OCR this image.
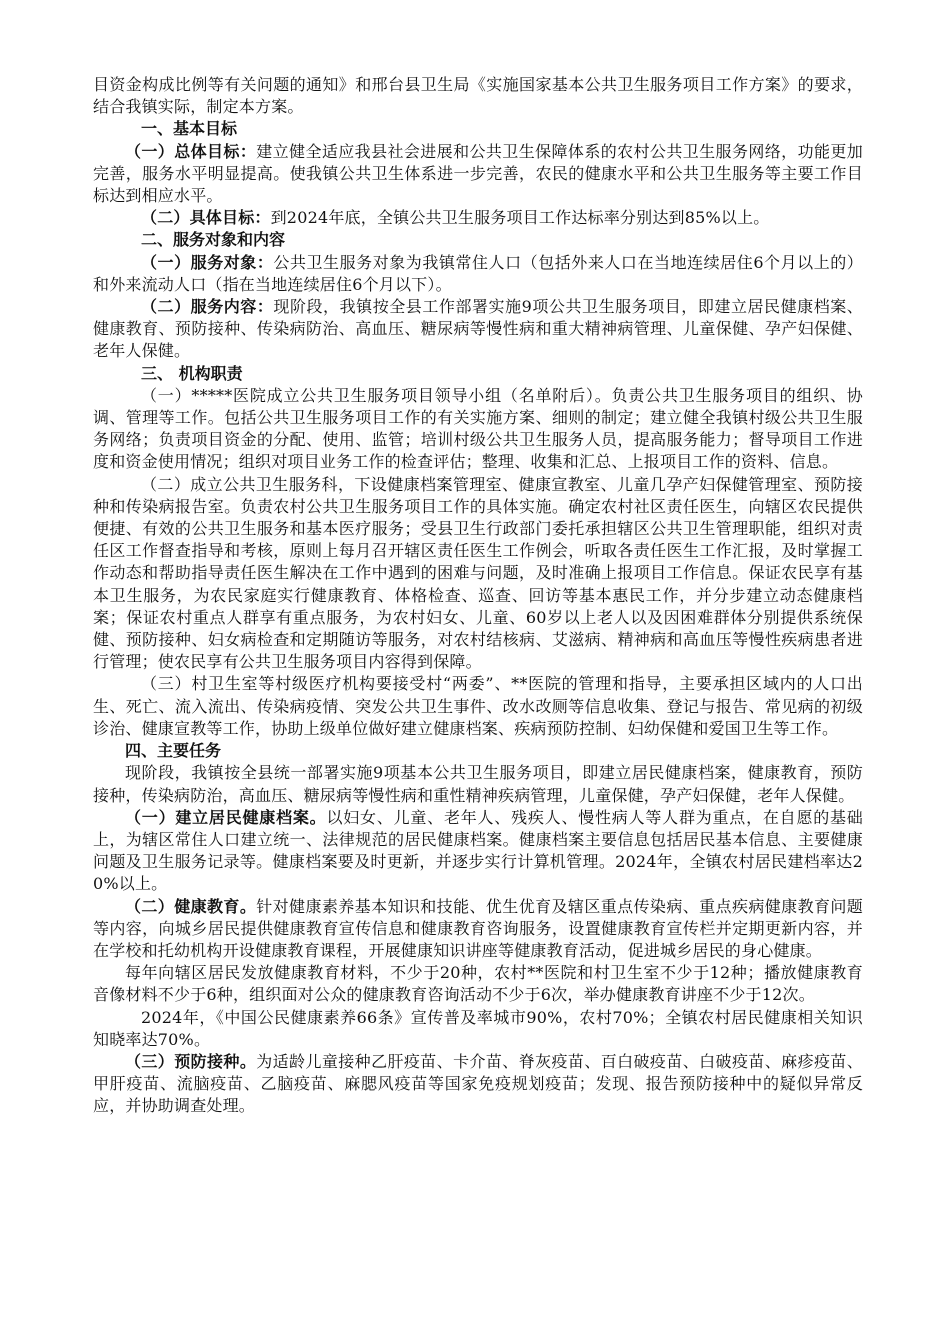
目资金构成比例等有关问题的通知》和邢台县卫生局《实施国家基本公共卫生服务项目工作方案》的要求，结合我镇实际，制定本方案。

一、基本目标

（一）总体目标：建立健全适应我县社会进展和公共卫生保障体系的农村公共卫生服务网络，功能更加完善，服务水平明显提高。使我镇公共卫生体系进一步完善，农民的健康水平和公共卫生服务等主要工作目标达到相应水平。

（二）具体目标：到2024年底，全镇公共卫生服务项目工作达标率分别达到85%以上。

二、服务对象和内容

（一）服务对象：公共卫生服务对象为我镇常住人口（包括外来人口在当地连续居住6个月以上的）和外来流动人口（指在当地连续居住6个月以下）。

（二）服务内容：现阶段，我镇按全县工作部署实施9项公共卫生服务项目，即建立居民健康档案、健康教育、预防接种、传染病防治、高血压、糖尿病等慢性病和重大精神病管理、儿童保健、孕产妇保健、老年人保健。

三、 机构职责

（一）*****医院成立公共卫生服务项目领导小组（名单附后）。负责公共卫生服务项目的组织、协调、管理等工作。包括公共卫生服务项目工作的有关实施方案、细则的制定；建立健全我镇村级公共卫生服务网络；负责项目资金的分配、使用、监管；培训村级公共卫生服务人员，提高服务能力；督导项目工作进度和资金使用情况；组织对项目业务工作的检查评估；整理、收集和汇总、上报项目工作的资料、信息。

（二）成立公共卫生服务科，下设健康档案管理室、健康宣教室、儿童几孕产妇保健管理室、预防接种和传染病报告室。负责农村公共卫生服务项目工作的具体实施。确定农村社区责任医生，向辖区农民提供便捷、有效的公共卫生服务和基本医疗服务；受县卫生行政部门委托承担辖区公共卫生管理职能，组织对责任区工作督查指导和考核，原则上每月召开辖区责任医生工作例会，听取各责任医生工作汇报，及时掌握工作动态和帮助指导责任医生解决在工作中遇到的困难与问题，及时准确上报项目工作信息。保证农民享有基本卫生服务，为农民家庭实行健康教育、体格检查、巡查、回访等基本惠民工作，并分步建立动态健康档案；保证农村重点人群享有重点服务，为农村妇女、儿童、60岁以上老人以及因困难群体分别提供系统保健、预防接种、妇女病检查和定期随访等服务，对农村结核病、艾滋病、精神病和高血压等慢性疾病患者进行管理；使农民享有公共卫生服务项目内容得到保障。

（三）村卫生室等村级医疗机构要接受村“两委”、**医院的管理和指导，主要承担区域内的人口出生、死亡、流入流出、传染病疫情、突发公共卫生事件、改水改厕等信息收集、登记与报告、常见病的初级诊治、健康宣教等工作，协助上级单位做好建立健康档案、疾病预防控制、妇幼保健和爱国卫生等工作。

四、主要任务

现阶段，我镇按全县统一部署实施9项基本公共卫生服务项目，即建立居民健康档案，健康教育，预防接种，传染病防治，高血压、糖尿病等慢性病和重性精神疾病管理，儿童保健，孕产妇保健，老年人保健。

（一）建立居民健康档案。以妇女、儿童、老年人、残疾人、慢性病人等人群为重点，在自愿的基础上，为辖区常住人口建立统一、法律规范的居民健康档案。健康档案主要信息包括居民基本信息、主要健康问题及卫生服务记录等。健康档案要及时更新，并逐步实行计算机管理。2024年，全镇农村居民建档率达20%以上。

（二）健康教育。针对健康素养基本知识和技能、优生优育及辖区重点传染病、重点疾病健康教育问题等内容，向城乡居民提供健康教育宣传信息和健康教育咨询服务，设置健康教育宣传栏并定期更新内容，并在学校和托幼机构开设健康教育课程，开展健康知识讲座等健康教育活动，促进城乡居民的身心健康。

每年向辖区居民发放健康教育材料，不少于20种，农村**医院和村卫生室不少于12种；播放健康教育音像材料不少于6种，组织面对公众的健康教育咨询活动不少于6次，举办健康教育讲座不少于12次。

2024年，《中国公民健康素养66条》宣传普及率城市90%，农村70%；全镇农村居民健康相关知识知晓率达70%。

（三）预防接种。为适龄儿童接种乙肝疫苗、卡介苗、脊灰疫苗、百白破疫苗、白破疫苗、麻疹疫苗、甲肝疫苗、流脑疫苗、乙脑疫苗、麻腮风疫苗等国家免疫规划疫苗；发现、报告预防接种中的疑似异常反应，并协助调查处理。
